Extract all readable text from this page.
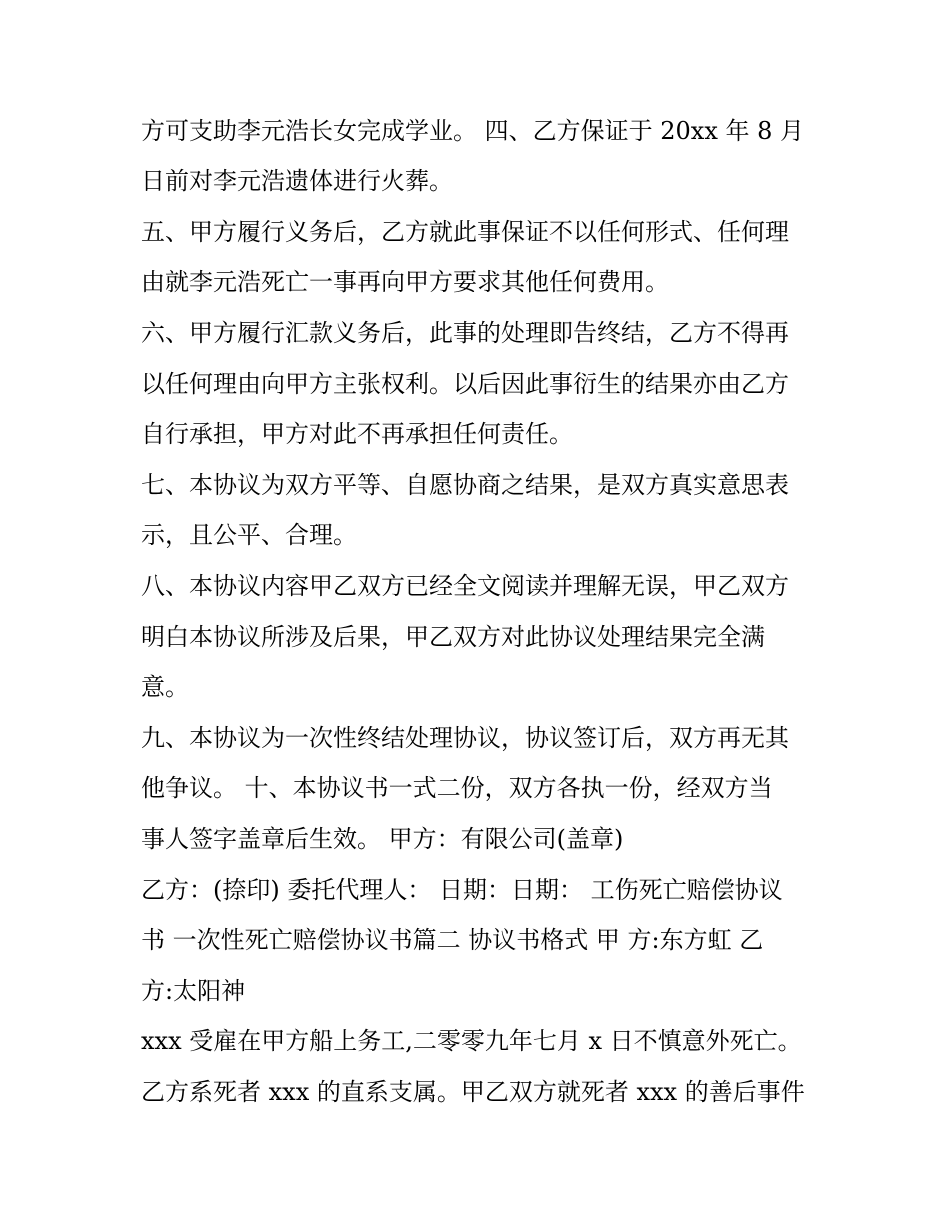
方可支助李元浩长女完成学业。 四、乙方保证于 20xx 年 8 月
日前对李元浩遗体进行火葬。
五、甲方履行义务后，乙方就此事保证不以任何形式、任何理
由就李元浩死亡一事再向甲方要求其他任何费用。
六、甲方履行汇款义务后，此事的处理即告终结，乙方不得再
以任何理由向甲方主张权利。以后因此事衍生的结果亦由乙方
自行承担，甲方对此不再承担任何责任。
七、本协议为双方平等、自愿协商之结果，是双方真实意思表
示，且公平、合理。
八、本协议内容甲乙双方已经全文阅读并理解无误，甲乙双方
明白本协议所涉及后果，甲乙双方对此协议处理结果完全满
意。
九、本协议为一次性终结处理协议，协议签订后，双方再无其
他争议。 十、本协议书一式二份，双方各执一份，经双方当
事人签字盖章后生效。 甲方：有限公司(盖章)
乙方：(捺印) 委托代理人： 日期：日期： 工伤死亡赔偿协议
书 一次性死亡赔偿协议书篇二 协议书格式 甲 方:东方虹 乙
方:太阳神
xxx 受雇在甲方船上务工,二零零九年七月 x 日不慎意外死亡。
乙方系死者 xxx 的直系支属。甲乙双方就死者 xxx 的善后事件
